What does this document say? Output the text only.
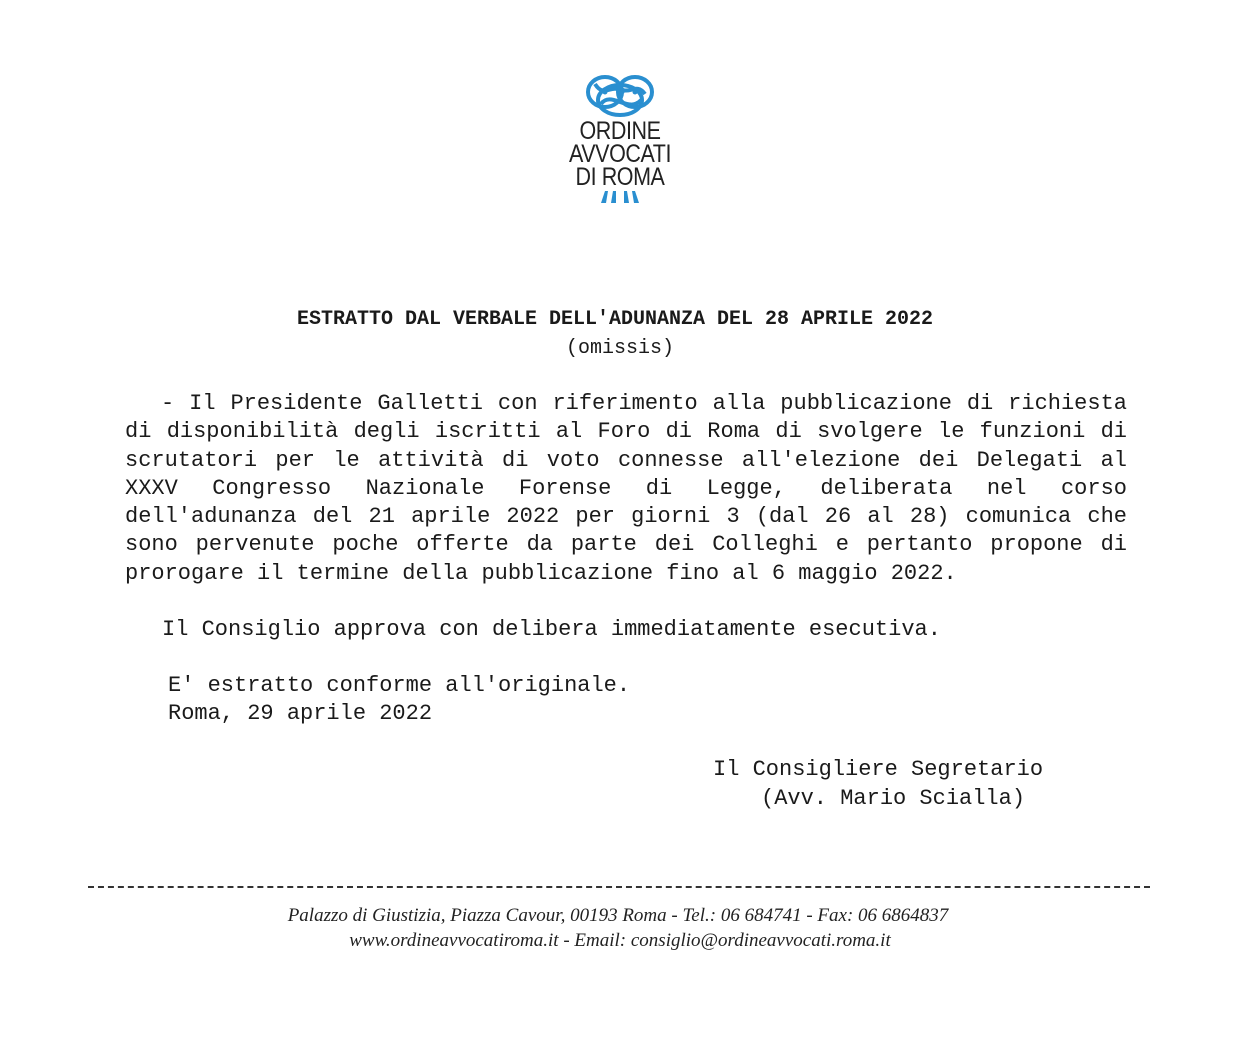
ORDINE
AVVOCATI
DI ROMA
ESTRATTO DAL VERBALE DELL'ADUNANZA DEL 28 APRILE 2022
(omissis)

- Il Presidente Galletti con riferimento alla pubblicazione di richiesta di disponibilità degli iscritti al Foro di Roma di svolgere le funzioni di scrutatori per le attività di voto connesse all'elezione dei Delegati al XXXV Congresso Nazionale Forense di Legge, deliberata nel corso dell'adunanza del 21 aprile 2022 per giorni 3 (dal 26 al 28) comunica che sono pervenute poche offerte da parte dei Colleghi e pertanto propone di prorogare il termine della pubblicazione fino al 6 maggio 2022.

Il Consiglio approva con delibera immediatamente esecutiva.
E' estratto conforme all'originale.
Roma, 29 aprile 2022
Il Consigliere Segretario
(Avv. Mario Scialla)
Palazzo di Giustizia, Piazza Cavour, 00193 Roma - Tel.: 06 684741 - Fax: 06 6864837
www.ordineavvocatiroma.it - Email: consiglio@ordineavvocati.roma.it
